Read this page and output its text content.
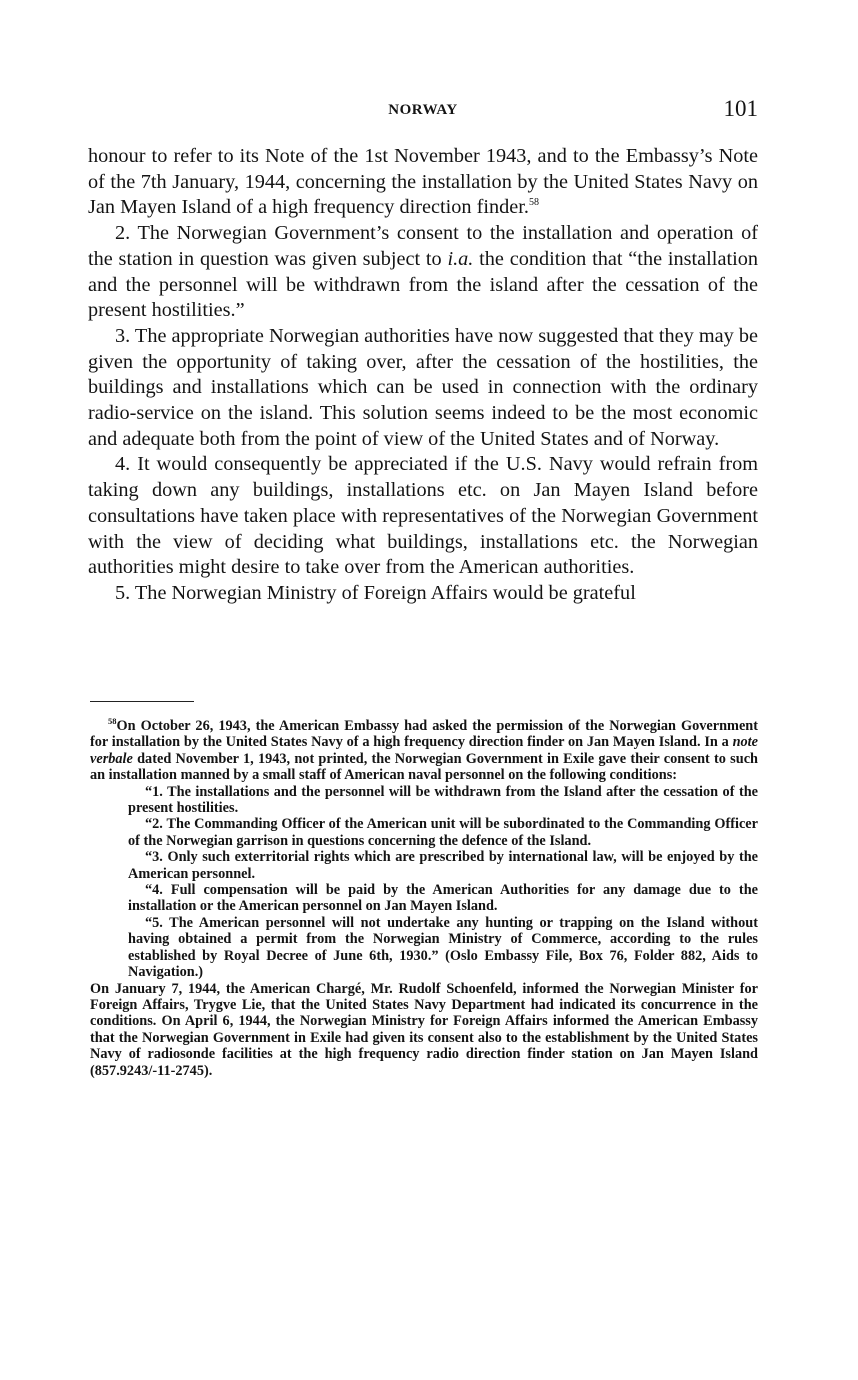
NORWAY	101

honour to refer to its Note of the 1st November 1943, and to the Embassy’s Note of the 7th January, 1944, concerning the installation by the United States Navy on Jan Mayen Island of a high frequency direction finder.$^{58}$

2. The Norwegian Government’s consent to the installation and operation of the station in question was given subject to i.a. the condition that “the installation and the personnel will be withdrawn from the island after the cessation of the present hostilities.”

3. The appropriate Norwegian authorities have now suggested that they may be given the opportunity of taking over, after the cessation of the hostilities, the buildings and installations which can be used in connection with the ordinary radio-service on the island. This solution seems indeed to be the most economic and adequate both from the point of view of the United States and of Norway.

4. It would consequently be appreciated if the U.S. Navy would refrain from taking down any buildings, installations etc. on Jan Mayen Island before consultations have taken place with representatives of the Norwegian Government with the view of deciding what buildings, installations etc. the Norwegian authorities might desire to take over from the American authorities.

5. The Norwegian Ministry of Foreign Affairs would be grateful

$^{58}$On October 26, 1943, the American Embassy had asked the permission of the Norwegian Government for installation by the United States Navy of a high frequency direction finder on Jan Mayen Island. In a note verbale dated November 1, 1943, not printed, the Norwegian Government in Exile gave their consent to such an installation manned by a small staff of American naval personnel on the following conditions:

“1. The installations and the personnel will be withdrawn from the Island after the cessation of the present hostilities.

“2. The Commanding Officer of the American unit will be subordinated to the Commanding Officer of the Norwegian garrison in questions concerning the defence of the Island.

“3. Only such exterritorial rights which are prescribed by international law, will be enjoyed by the American personnel.

“4. Full compensation will be paid by the American Authorities for any damage due to the installation or the American personnel on Jan Mayen Island.

“5. The American personnel will not undertake any hunting or trapping on the Island without having obtained a permit from the Norwegian Ministry of Commerce, according to the rules established by Royal Decree of June 6th, 1930.” (Oslo Embassy File, Box 76, Folder 882, Aids to Navigation.)

On January 7, 1944, the American Chargé, Mr. Rudolf Schoenfeld, informed the Norwegian Minister for Foreign Affairs, Trygve Lie, that the United States Navy Department had indicated its concurrence in the conditions. On April 6, 1944, the Norwegian Ministry for Foreign Affairs informed the American Embassy that the Norwegian Government in Exile had given its consent also to the establishment by the United States Navy of radiosonde facilities at the high frequency radio direction finder station on Jan Mayen Island (857.9243/-11-2745).
